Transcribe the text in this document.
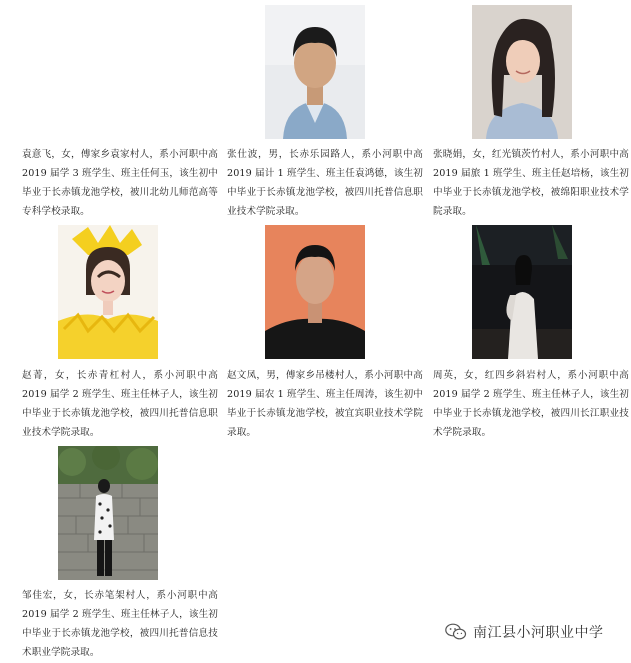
袁意飞，女，傅家乡袁家村人，系小河职中高 2019 届学 3 班学生、班主任何玉，该生初中毕业于长赤镇龙池学校，被川北幼儿师范高等专科学校录取。
张仕波，男，长赤乐园路人，系小河职中高 2019 届计 1 班学生、班主任袁鸿德，该生初中毕业于长赤镇龙池学校，被四川托普信息职业技术学院录取。
张晓娟，女，红光镇茨竹村人，系小河职中高 2019 届旅 1 班学生、班主任赵培杨，该生初中毕业于长赤镇龙池学校，被绵阳职业技术学院录取。
赵菁，女，长赤青杠村人，系小河职中高 2019 届学 2 班学生、班主任林子人，该生初中毕业于长赤镇龙池学校，被四川托普信息职业技术学院录取。
赵文凤，男，傅家乡吊楼村人，系小河职中高 2019 届农 1 班学生、班主任周涛，该生初中毕业于长赤镇龙池学校，被宜宾职业技术学院录取。
周英，女，红四乡斜岩村人，系小河职中高 2019 届学 2 班学生、班主任林子人，该生初中毕业于长赤镇龙池学校，被四川长江职业技术学院录取。
邹佳宏，女，长赤笔架村人，系小河职中高 2019 届学 2 班学生、班主任林子人，该生初中毕业于长赤镇龙池学校，被四川托普信息技术职业学院录取。
南江县小河职业中学
